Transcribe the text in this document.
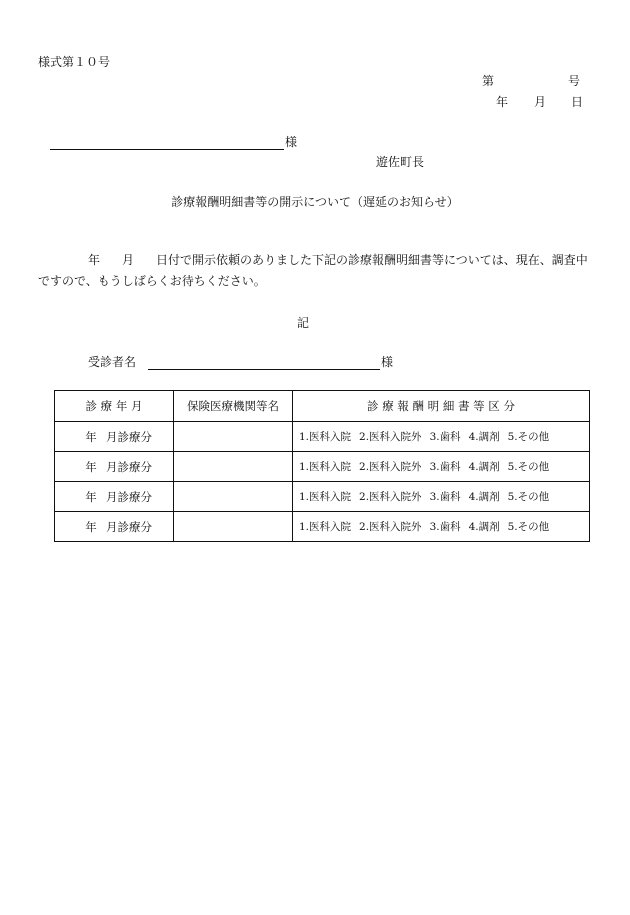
様式第１０号
第	号
年 月 日
様
遊佐町長
診療報酬明細書等の開示について（遅延のお知らせ）
年 月 日付で開示依頼のありました下記の診療報酬明細書等については、現在、調査中ですので、もうしばらくお待ちください。
記
受診者名	様
診 療 年 月	保険医療機関等名	診 療 報 酬 明 細 書 等 区 分
年 月診療分		1.医科入院 2.医科入院外 3.歯科 4.調剤 5.その他
年 月診療分		1.医科入院 2.医科入院外 3.歯科 4.調剤 5.その他
年 月診療分		1.医科入院 2.医科入院外 3.歯科 4.調剤 5.その他
年 月診療分		1.医科入院 2.医科入院外 3.歯科 4.調剤 5.その他
